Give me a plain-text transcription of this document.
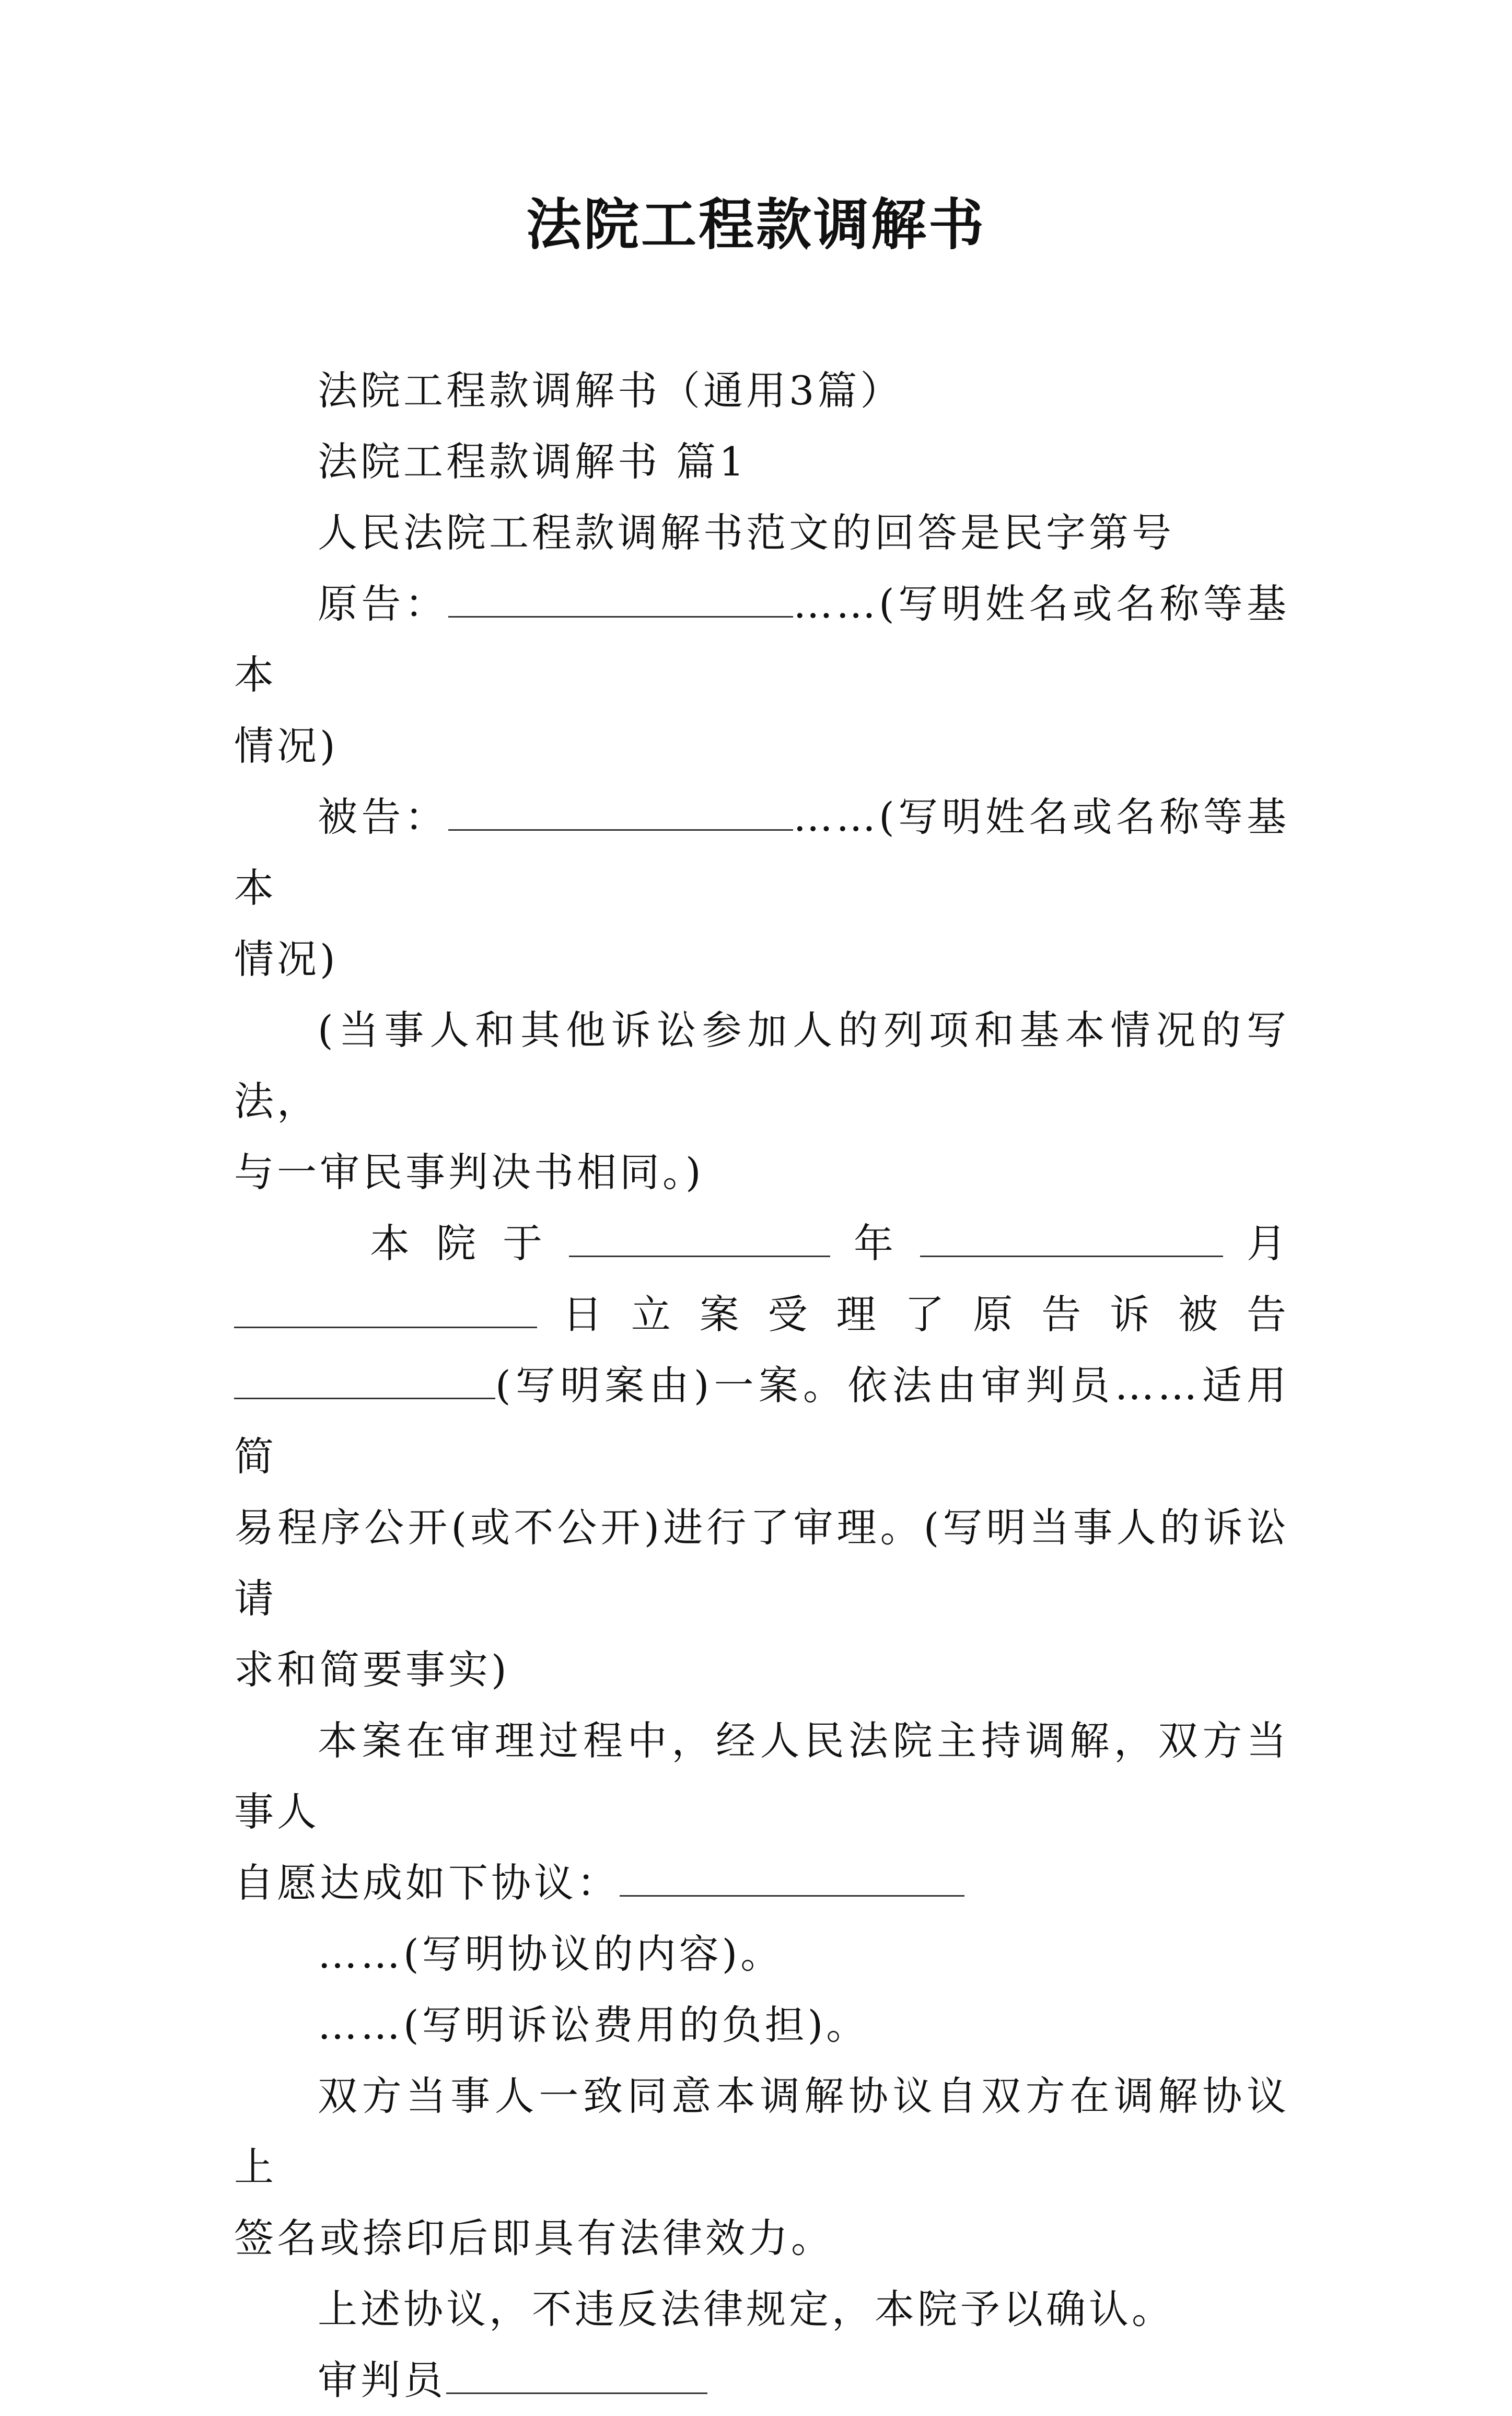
法院工程款调解书

法院工程款调解书（通用3篇）

法院工程款调解书 篇1

人民法院工程款调解书范文的回答是民字第号

原告：	……(写明姓名或名称等基本

情况)

被告：	……(写明姓名或名称等基本

情况)

(当事人和其他诉讼参加人的列项和基本情况的写法，

与一审民事判决书相同。)

本 院 于	年	月
日 立 案 受 理 了 原 告 诉 被 告

(写明案由)一案。依法由审判员……适用简

易程序公开(或不公开)进行了审理。(写明当事人的诉讼请

求和简要事实)

本案在审理过程中，经人民法院主持调解，双方当事人

自愿达成如下协议：

……(写明协议的内容)。

……(写明诉讼费用的负担)。

双方当事人一致同意本调解协议自双方在调解协议上

签名或捺印后即具有法律效力。

上述协议，不违反法律规定，本院予以确认。

审判员
